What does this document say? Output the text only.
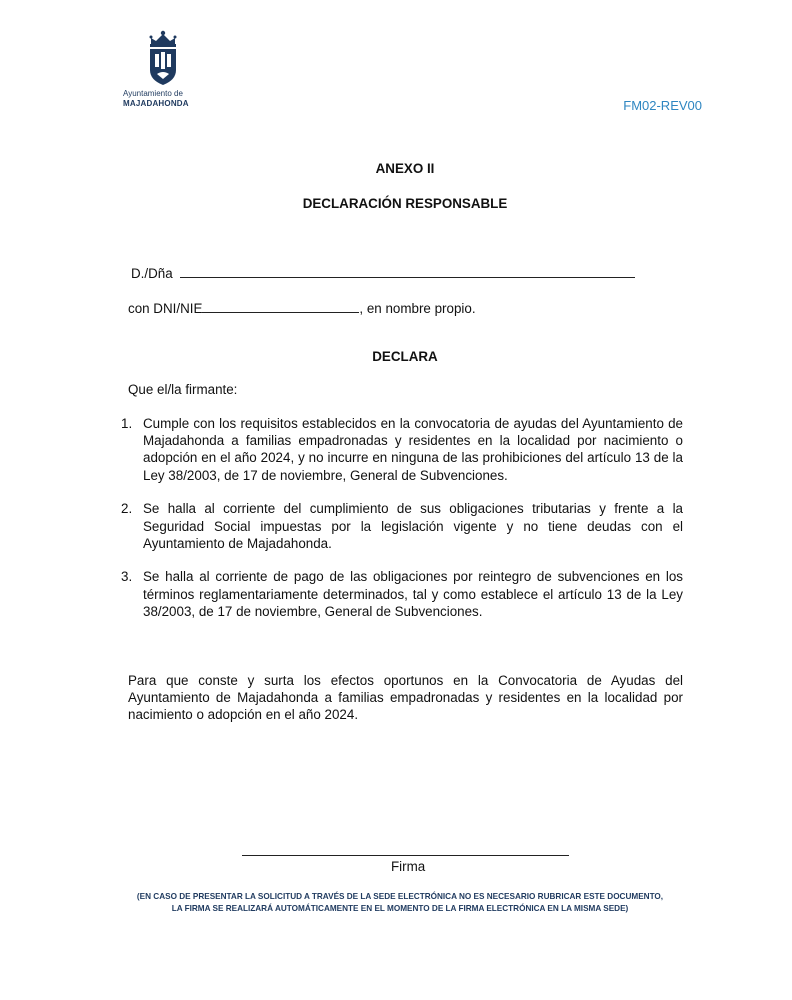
Ayuntamiento de
MAJADAHONDA	FM02-REV00
ANEXO II
DECLARACIÓN RESPONSABLE
D./Dña
con DNI/NIE	, en nombre propio.
DECLARA
Que el/la firmante:
1. Cumple con los requisitos establecidos en la convocatoria de ayudas del Ayuntamiento de Majadahonda a familias empadronadas y residentes en la localidad por nacimiento o adopción en el año 2024, y no incurre en ninguna de las prohibiciones del artículo 13 de la Ley 38/2003, de 17 de noviembre, General de Subvenciones.
2. Se halla al corriente del cumplimiento de sus obligaciones tributarias y frente a la Seguridad Social impuestas por la legislación vigente y no tiene deudas con el Ayuntamiento de Majadahonda.
3. Se halla al corriente de pago de las obligaciones por reintegro de subvenciones en los términos reglamentariamente determinados, tal y como establece el artículo 13 de la Ley 38/2003, de 17 de noviembre, General de Subvenciones.
Para que conste y surta los efectos oportunos en la Convocatoria de Ayudas del Ayuntamiento de Majadahonda a familias empadronadas y residentes en la localidad por nacimiento o adopción en el año 2024.
Firma
(EN CASO DE PRESENTAR LA SOLICITUD A TRAVÉS DE LA SEDE ELECTRÓNICA NO ES NECESARIO RUBRICAR ESTE DOCUMENTO,
LA FIRMA SE REALIZARÁ AUTOMÁTICAMENTE EN EL MOMENTO DE LA FIRMA ELECTRÓNICA EN LA MISMA SEDE)
